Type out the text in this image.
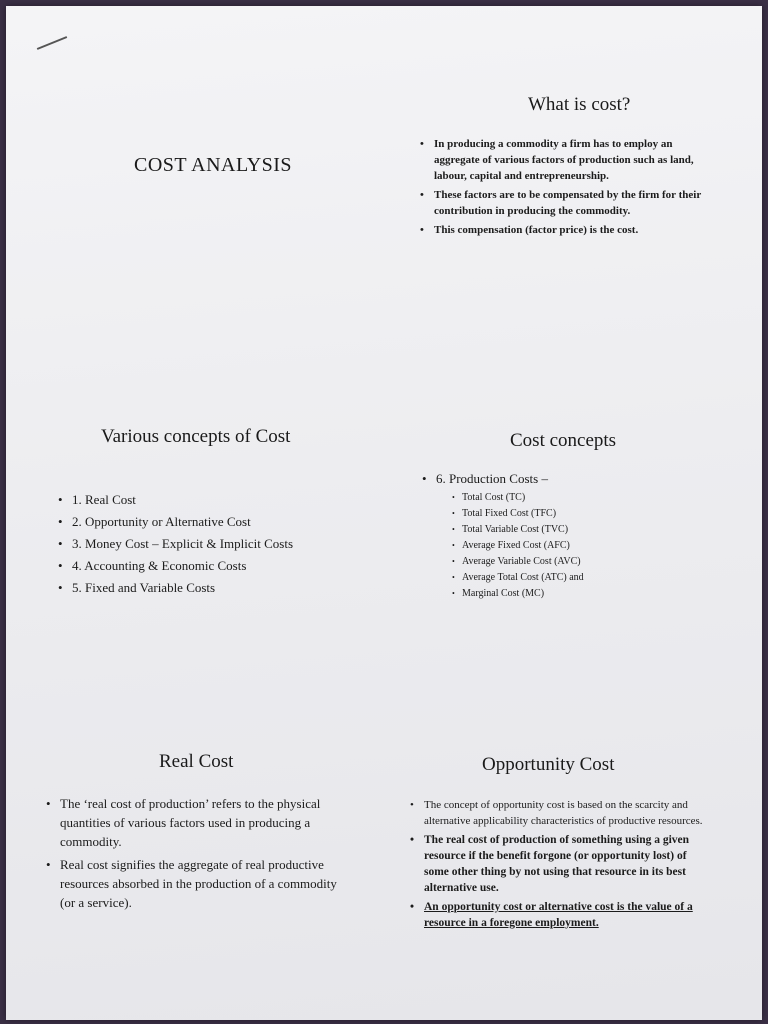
COST ANALYSIS
What is cost?
• In producing a commodity a firm has to employ an aggregate of various factors of production such as land, labour, capital and entrepreneurship.
• These factors are to be compensated by the firm for their contribution in producing the commodity.
• This compensation (factor price) is the cost.
Various concepts of Cost
• 1. Real Cost
• 2. Opportunity or Alternative Cost
• 3. Money Cost – Explicit & Implicit Costs
• 4. Accounting & Economic Costs
• 5. Fixed and Variable Costs
Cost concepts
• 6. Production Costs –
• Total Cost (TC)
• Total Fixed Cost (TFC)
• Total Variable Cost (TVC)
• Average Fixed Cost (AFC)
• Average Variable Cost (AVC)
• Average Total Cost (ATC) and
• Marginal Cost (MC)
Real Cost
• The ‘real cost of production’ refers to the physical quantities of various factors used in producing a commodity.
• Real cost signifies the aggregate of real productive resources absorbed in the production of a commodity (or a service).
Opportunity Cost
• The concept of opportunity cost is based on the scarcity and alternative applicability characteristics of productive resources.
• The real cost of production of something using a given resource if the benefit forgone (or opportunity lost) of some other thing by not using that resource in its best alternative use.
• An opportunity cost or alternative cost is the value of a resource in a foregone employment.
